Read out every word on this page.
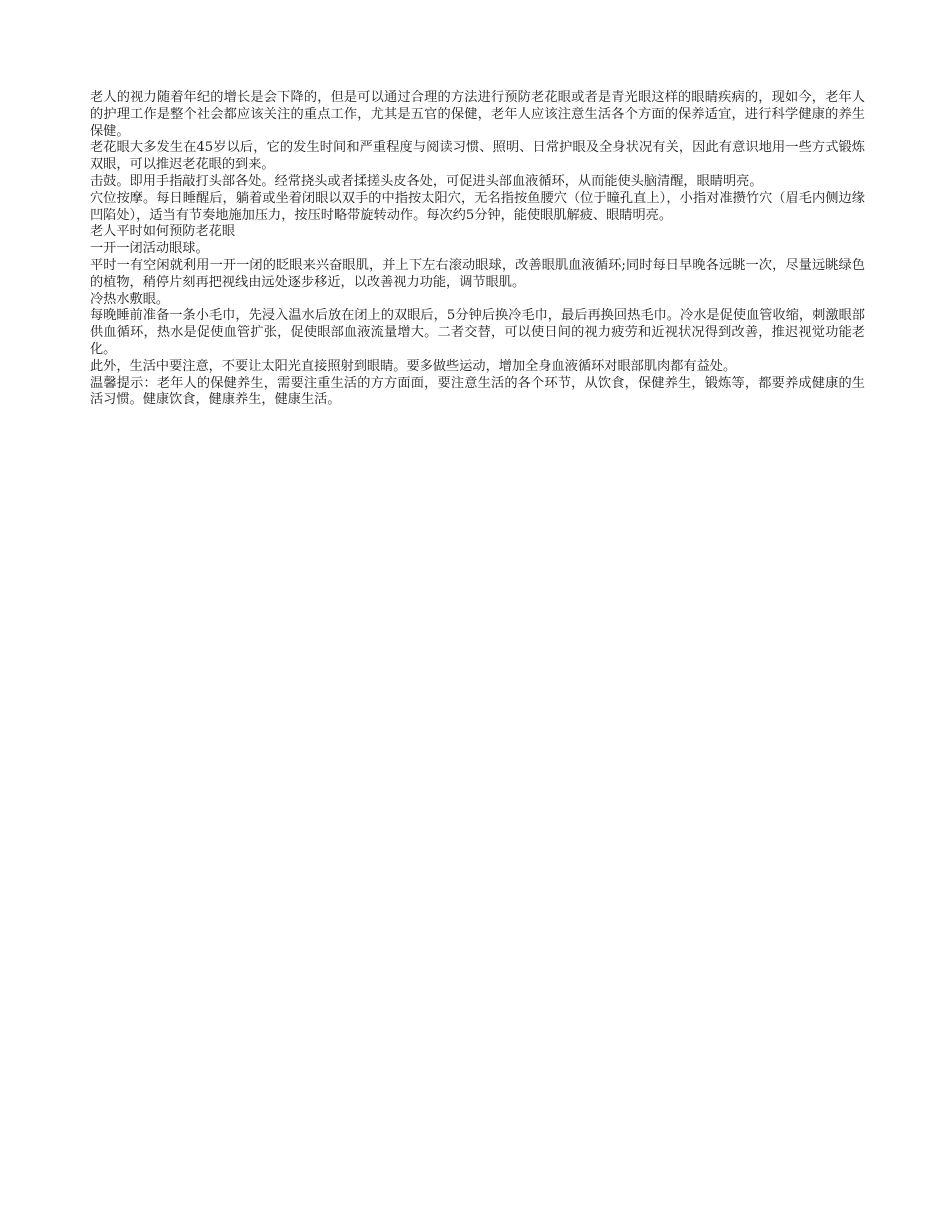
老人的视力随着年纪的增长是会下降的，但是可以通过合理的方法进行预防老花眼或者是青光眼这样的眼睛疾病的，现如今，老年人的护理工作是整个社会都应该关注的重点工作，尤其是五官的保健，老年人应该注意生活各个方面的保养适宜，进行科学健康的养生保健。

老花眼大多发生在45岁以后，它的发生时间和严重程度与阅读习惯、照明、日常护眼及全身状况有关，因此有意识地用一些方式锻炼双眼，可以推迟老花眼的到来。

击鼓。即用手指敲打头部各处。经常挠头或者揉搓头皮各处，可促进头部血液循环，从而能使头脑清醒，眼睛明亮。

穴位按摩。每日睡醒后，躺着或坐着闭眼以双手的中指按太阳穴，无名指按鱼腰穴（位于瞳孔直上），小指对准攒竹穴（眉毛内侧边缘凹陷处），适当有节奏地施加压力，按压时略带旋转动作。每次约5分钟，能使眼肌解疲、眼睛明亮。

老人平时如何预防老花眼

一开一闭活动眼球。

平时一有空闲就利用一开一闭的眨眼来兴奋眼肌，并上下左右滚动眼球，改善眼肌血液循环;同时每日早晚各远眺一次，尽量远眺绿色的植物，稍停片刻再把视线由远处逐步移近，以改善视力功能，调节眼肌。

冷热水敷眼。

每晚睡前准备一条小毛巾，先浸入温水后放在闭上的双眼后，5分钟后换冷毛巾，最后再换回热毛巾。冷水是促使血管收缩，刺激眼部供血循环，热水是促使血管扩张，促使眼部血液流量增大。二者交替，可以使日间的视力疲劳和近视状况得到改善，推迟视觉功能老化。

此外，生活中要注意，不要让太阳光直接照射到眼睛。要多做些运动，增加全身血液循环对眼部肌肉都有益处。

温馨提示：老年人的保健养生，需要注重生活的方方面面，要注意生活的各个环节，从饮食，保健养生，锻炼等，都要养成健康的生活习惯。健康饮食，健康养生，健康生活。
